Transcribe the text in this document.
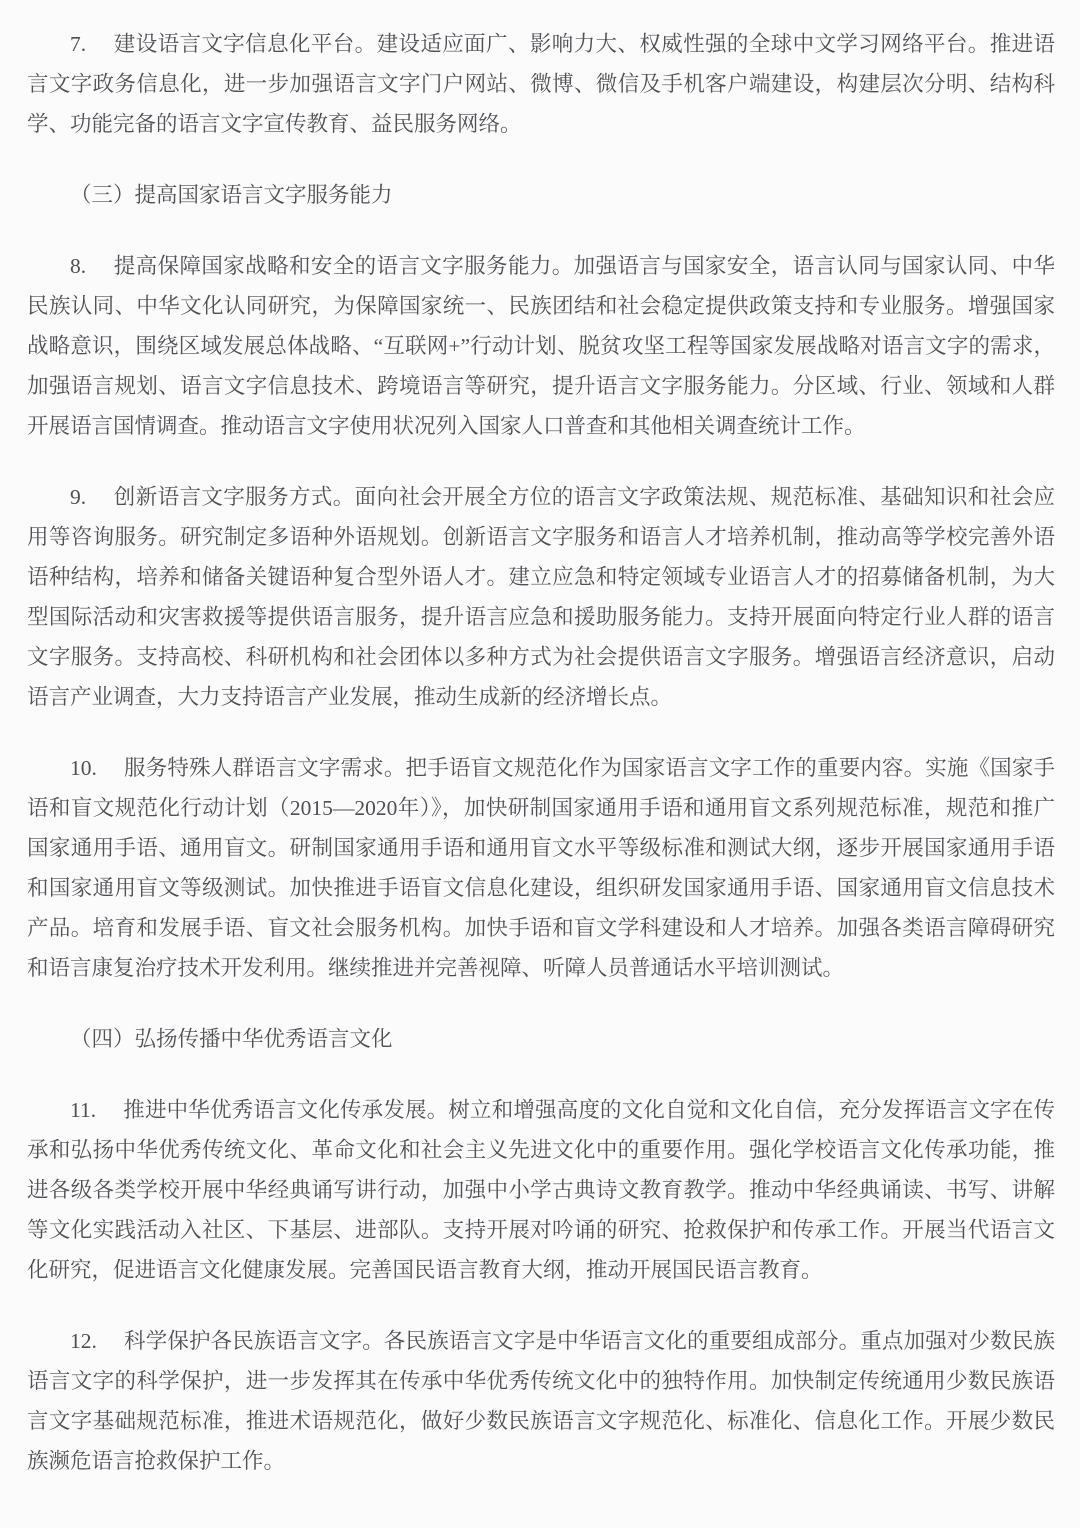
7. 　建设语言文字信息化平台。建设适应面广、影响力大、权威性强的全球中文学习网络平台。推进语言文字政务信息化，进一步加强语言文字门户网站、微博、微信及手机客户端建设，构建层次分明、结构科学、功能完备的语言文字宣传教育、益民服务网络。

（三）提高国家语言文字服务能力

8. 　提高保障国家战略和安全的语言文字服务能力。加强语言与国家安全，语言认同与国家认同、中华民族认同、中华文化认同研究，为保障国家统一、民族团结和社会稳定提供政策支持和专业服务。增强国家战略意识，围绕区域发展总体战略、“互联网+”行动计划、脱贫攻坚工程等国家发展战略对语言文字的需求，加强语言规划、语言文字信息技术、跨境语言等研究，提升语言文字服务能力。分区域、行业、领域和人群开展语言国情调查。推动语言文字使用状况列入国家人口普查和其他相关调查统计工作。

9. 　创新语言文字服务方式。面向社会开展全方位的语言文字政策法规、规范标准、基础知识和社会应用等咨询服务。研究制定多语种外语规划。创新语言文字服务和语言人才培养机制，推动高等学校完善外语语种结构，培养和储备关键语种复合型外语人才。建立应急和特定领域专业语言人才的招募储备机制，为大型国际活动和灾害救援等提供语言服务，提升语言应急和援助服务能力。支持开展面向特定行业人群的语言文字服务。支持高校、科研机构和社会团体以多种方式为社会提供语言文字服务。增强语言经济意识，启动语言产业调查，大力支持语言产业发展，推动生成新的经济增长点。

10. 　服务特殊人群语言文字需求。把手语盲文规范化作为国家语言文字工作的重要内容。实施《国家手语和盲文规范化行动计划（2015—2020年）》，加快研制国家通用手语和通用盲文系列规范标准，规范和推广国家通用手语、通用盲文。研制国家通用手语和通用盲文水平等级标准和测试大纲，逐步开展国家通用手语和国家通用盲文等级测试。加快推进手语盲文信息化建设，组织研发国家通用手语、国家通用盲文信息技术产品。培育和发展手语、盲文社会服务机构。加快手语和盲文学科建设和人才培养。加强各类语言障碍研究和语言康复治疗技术开发利用。继续推进并完善视障、听障人员普通话水平培训测试。

（四）弘扬传播中华优秀语言文化

11. 　推进中华优秀语言文化传承发展。树立和增强高度的文化自觉和文化自信，充分发挥语言文字在传承和弘扬中华优秀传统文化、革命文化和社会主义先进文化中的重要作用。强化学校语言文化传承功能，推进各级各类学校开展中华经典诵写讲行动，加强中小学古典诗文教育教学。推动中华经典诵读、书写、讲解等文化实践活动入社区、下基层、进部队。支持开展对吟诵的研究、抢救保护和传承工作。开展当代语言文化研究，促进语言文化健康发展。完善国民语言教育大纲，推动开展国民语言教育。

12. 　科学保护各民族语言文字。各民族语言文字是中华语言文化的重要组成部分。重点加强对少数民族语言文字的科学保护，进一步发挥其在传承中华优秀传统文化中的独特作用。加快制定传统通用少数民族语言文字基础规范标准，推进术语规范化，做好少数民族语言文字规范化、标准化、信息化工作。开展少数民族濒危语言抢救保护工作。
